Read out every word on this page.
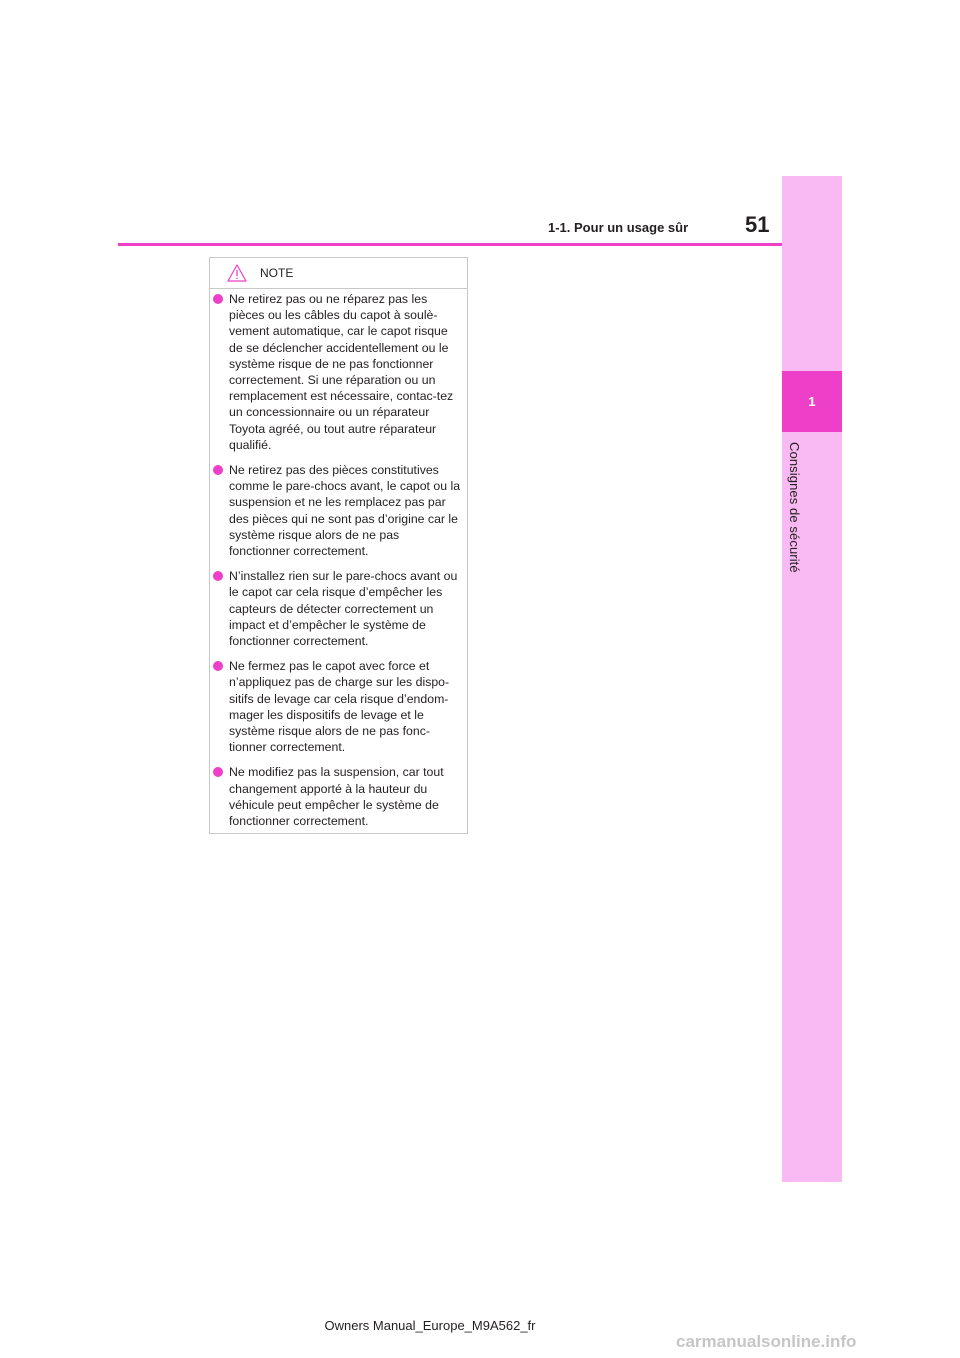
1
Consignes de sécurité
1-1. Pour un usage sûr	51
NOTE
Ne retirez pas ou ne réparez pas les pièces ou les câbles du capot à soulè-vement automatique, car le capot risque de se déclencher accidentellement ou le système risque de ne pas fonctionner correctement. Si une réparation ou un remplacement est nécessaire, contac-tez un concessionnaire ou un réparateur Toyota agréé, ou tout autre réparateur qualifié.
Ne retirez pas des pièces constitutives comme le pare-chocs avant, le capot ou la suspension et ne les remplacez pas par des pièces qui ne sont pas d’origine car le système risque alors de ne pas fonctionner correctement.
N’installez rien sur le pare-chocs avant ou le capot car cela risque d’empêcher les capteurs de détecter correctement un impact et d’empêcher le système de fonctionner correctement.
Ne fermez pas le capot avec force et n’appliquez pas de charge sur les dispo-sitifs de levage car cela risque d’endom-mager les dispositifs de levage et le système risque alors de ne pas fonc-tionner correctement.
Ne modifiez pas la suspension, car tout changement apporté à la hauteur du véhicule peut empêcher le système de fonctionner correctement.
Owners Manual_Europe_M9A562_fr
carmanualsonline.info
